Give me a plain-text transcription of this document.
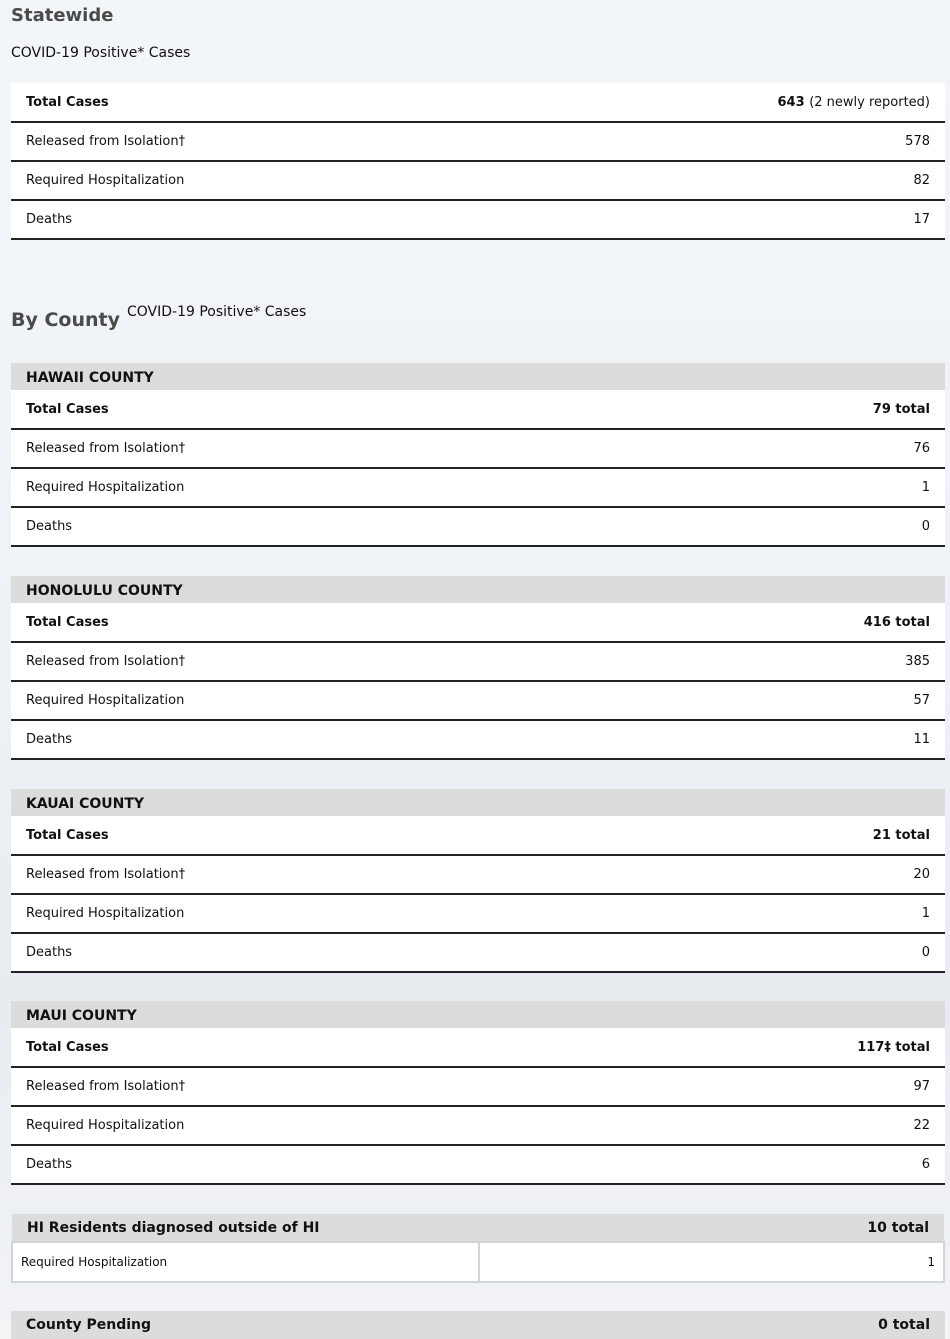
Statewide
COVID-19 Positive* Cases
Total Cases	643 (2 newly reported)
Released from Isolation†	578
Required Hospitalization	82
Deaths	17
By County COVID-19 Positive* Cases
HAWAII COUNTY	
Total Cases	79 total
Released from Isolation†	76
Required Hospitalization	1
Deaths	0
HONOLULU COUNTY	
Total Cases	416 total
Released from Isolation†	385
Required Hospitalization	57
Deaths	11
KAUAI COUNTY	
Total Cases	21 total
Released from Isolation†	20
Required Hospitalization	1
Deaths	0
MAUI COUNTY	
Total Cases	117‡ total
Released from Isolation†	97
Required Hospitalization	22
Deaths	6
HI Residents diagnosed outside of HI	10 total
Required Hospitalization	1
County Pending	0 total
